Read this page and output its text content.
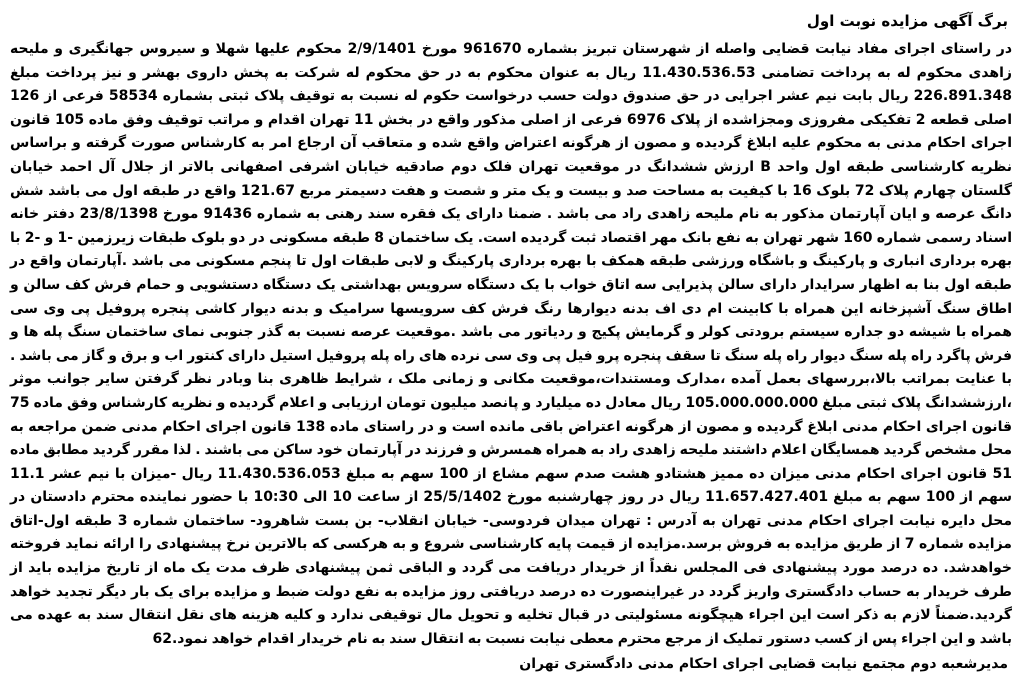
برگ آگهی مزایده نوبت اول

در راستای اجرای مفاد نیابت قضایی واصله از شهرستان تبریز بشماره 961670 مورخ 2/9/1401 محکوم علیها شهلا و سیروس جهانگیری و ملیحه زاهدی محکوم له به پرداخت تضامنی 11.430.536.53 ریال به عنوان محکوم به در حق محکوم له شرکت به پخش داروی بهشر و نیز پرداخت مبلغ 226.891.348 ریال بابت نیم عشر اجرایی در حق صندوق دولت حسب درخواست حکوم له نسبت به توقیف پلاک ثبتی بشماره 58534 فرعی از 126 اصلی قطعه 2 تفکیکی مفروزی ومجزاشده از پلاک 6976 فرعی از اصلی مذکور واقع در بخش 11 تهران اقدام و مراتب توقیف وفق ماده 105 قانون اجرای احکام مدنی به محکوم علیه ابلاغ گردیده و مصون از هرگونه اعتراض واقع شده و متعاقب آن ارجاع امر به کارشناس صورت گرفته و براساس نظریه کارشناسی طبقه اول واحد B ارزش ششدانگ در موقعیت تهران فلک دوم صادقیه خیابان اشرفی اصفهانی بالاتر از جلال آل احمد خیابان گلستان چهارم پلاک 72 بلوک 16 با کیفیت به مساحت صد و بیست و یک متر و شصت و هفت دسیمتر مربع 121.67 واقع در طبقه اول می باشد شش دانگ عرصه و ایان آپارتمان مذکور به نام ملیحه زاهدی راد می باشد . ضمنا دارای یک فقره سند رهنی به شماره 91436 مورخ 23/8/1398 دفتر خانه اسناد رسمی شماره 160 شهر تهران به نفع بانک مهر اقتصاد ثبت گردیده است. یک ساختمان 8 طبقه مسکونی در دو بلوک طبقات زیرزمین -1 و -2 با بهره برداری انباری و پارکینگ و باشگاه ورزشی طبقه همکف با بهره برداری پارکینگ و لابی طبقات اول تا پنجم مسکونی می باشد .آپارتمان واقع در طبقه اول بنا به اظهار سرایدار دارای سالن پذیرایی سه اتاق خواب با یک دستگاه سرویس بهداشتی یک دستگاه دستشویی و حمام فرش کف سالن و اطاق سنگ آشپزخانه این همراه با کابینت ام دی اف بدنه دیوارها رنگ فرش کف سرویسها سرامیک و بدنه دیوار کاشی پنجره پروفیل پی وی سی همراه با شیشه دو جداره سیستم برودتی کولر و گرمایش پکیج و ردیاتور می باشد .موقعیت عرصه نسبت به گذر جنوبی نمای ساختمان سنگ پله ها و فرش پاگرد راه پله سنگ دیوار راه پله سنگ تا سقف پنجره پرو فیل پی وی سی نرده های راه پله پروفیل استیل دارای کنتور اب و برق و گاز می باشد . با عنایت بمراتب بالا،بررسهای بعمل آمده ،مدارک ومستندات،موقعیت مکانی و زمانی ملک ، شرایط ظاهری بنا وبادر نظر گرفتن سایر جوانب موثر ،ارزششدانگ پلاک ثبتی مبلغ 105.000.000.000 ریال معادل ده میلیارد و پانصد میلیون تومان ارزیابی و اعلام گردیده و نظریه کارشناس وفق ماده 75 قانون اجرای احکام مدنی ابلاغ گردیده و مصون از هرگونه اعتراض باقی مانده است و در راستای ماده 138 قانون اجرای احکام مدنی ضمن مراجعه به محل مشخص گردید همسایگان اعلام داشتند ملیحه زاهدی راد به همراه همسرش و فرزند در آپارتمان خود ساکن می باشند . لذا مقرر گردید مطابق ماده 51 قانون اجرای احکام مدنی میزان ده ممیز هشتادو هشت صدم سهم مشاع از 100 سهم به مبلغ 11.430.536.053 ریال -میزان با نیم عشر 11.1 سهم از 100 سهم به مبلغ 11.657.427.401 ریال در روز چهارشنبه مورخ 25/5/1402 از ساعت 10 الی 10:30 با حضور نماینده محترم دادستان در محل دایره نیابت اجرای احکام مدنی تهران به آدرس : تهران میدان فردوسی- خیابان انقلاب- بن بست شاهرود- ساختمان شماره 3 طبقه اول-اتاق مزایده شماره 7 از طریق مزایده به فروش برسد.مزایده از قیمت پایه کارشناسی شروع و به هرکسی که بالاترین نرخ پیشنهادی را ارائه نماید فروخته خواهدشد. ده درصد مورد پیشنهادی فی المجلس نقداً از خریدار دریافت می گردد و الباقی ثمن پیشنهادی ظرف مدت یک ماه از تاریخ مزایده باید از طرف خریدار به حساب دادگستری واریز گردد در غیراینصورت ده درصد دریافتی روز مزایده به نفع دولت ضبط و مزایده برای یک بار دیگر تجدید خواهد گردید.ضمناً لازم به ذکر است این اجراء هیچگونه مسئولیتی در قبال تخلیه و تحویل مال توقیفی ندارد و کلیه هزینه های نقل انتقال سند به عهده می باشد و این اجراء پس از کسب دستور تملیک از مرجع محترم معطی نیابت نسبت به انتقال سند به نام خریدار اقدام خواهد نمود.62

مدیرشعبه دوم مجتمع نیابت قضایی اجرای احکام مدنی دادگستری تهران
